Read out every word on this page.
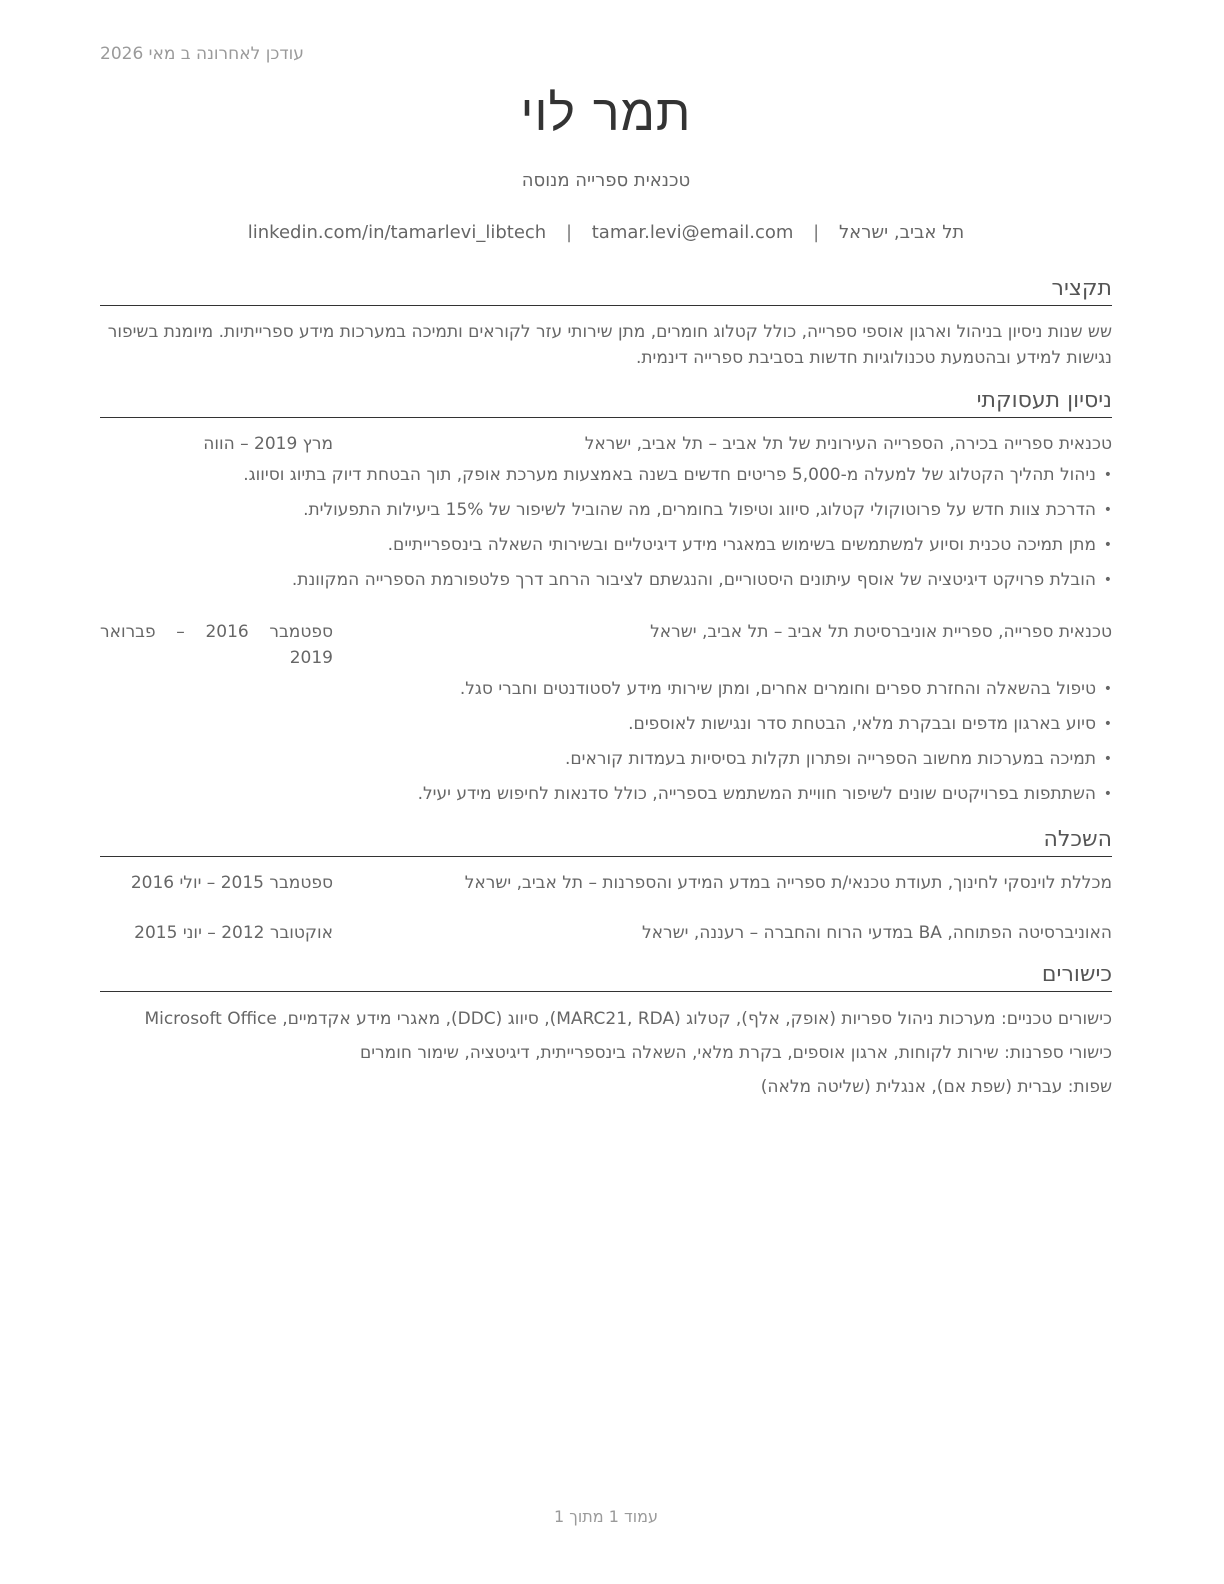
עודכן לאחרונה ב מאי 2026
תמר לוי
טכנאית ספרייה מנוסה
תל אביב, ישראל | tamar.levi@email.com | linkedin.com/in/tamarlevi_libtech
תקציר
שש שנות ניסיון בניהול וארגון אוספי ספרייה, כולל קטלוג חומרים, מתן שירותי עזר לקוראים ותמיכה במערכות מידע ספרייתיות. מיומנת בשיפור נגישות למידע ובהטמעת טכנולוגיות חדשות בסביבת ספרייה דינמית.
ניסיון תעסוקתי
טכנאית ספרייה בכירה, הספרייה העירונית של תל אביב – תל אביב, ישראל
מרץ 2019 – הווה
•
ניהול תהליך הקטלוג של למעלה מ-5,000 פריטים חדשים בשנה באמצעות מערכת אופק, תוך הבטחת דיוק בתיוג וסיווג.
•
הדרכת צוות חדש על פרוטוקולי קטלוג, סיווג וטיפול בחומרים, מה שהוביל לשיפור של 15% ביעילות התפעולית.
•
מתן תמיכה טכנית וסיוע למשתמשים בשימוש במאגרי מידע דיגיטליים ובשירותי השאלה בינספרייתיים.
•
הובלת פרויקט דיגיטציה של אוסף עיתונים היסטוריים, והנגשתם לציבור הרחב דרך פלטפורמת הספרייה המקוונת.
טכנאית ספרייה, ספריית אוניברסיטת תל אביב – תל אביב, ישראל
ספטמבר 2016 – פברואר 2019
•
טיפול בהשאלה והחזרת ספרים וחומרים אחרים, ומתן שירותי מידע לסטודנטים וחברי סגל.
•
סיוע בארגון מדפים ובבקרת מלאי, הבטחת סדר ונגישות לאוספים.
•
תמיכה במערכות מחשוב הספרייה ופתרון תקלות בסיסיות בעמדות קוראים.
•
השתתפות בפרויקטים שונים לשיפור חוויית המשתמש בספרייה, כולל סדנאות לחיפוש מידע יעיל.
השכלה
מכללת לוינסקי לחינוך, תעודת טכנאי/ת ספרייה במדע המידע והספרנות – תל אביב, ישראל
ספטמבר 2015 – יולי 2016
האוניברסיטה הפתוחה, BA במדעי הרוח והחברה – רעננה, ישראל
אוקטובר 2012 – יוני 2015
כישורים
כישורים טכניים: מערכות ניהול ספריות (אופק, אלף), קטלוג (MARC21, RDA), סיווג (DDC), מאגרי מידע אקדמיים, Microsoft Office
כישורי ספרנות: שירות לקוחות, ארגון אוספים, בקרת מלאי, השאלה בינספרייתית, דיגיטציה, שימור חומרים
שפות: עברית (שפת אם), אנגלית (שליטה מלאה)
עמוד 1 מתוך 1
